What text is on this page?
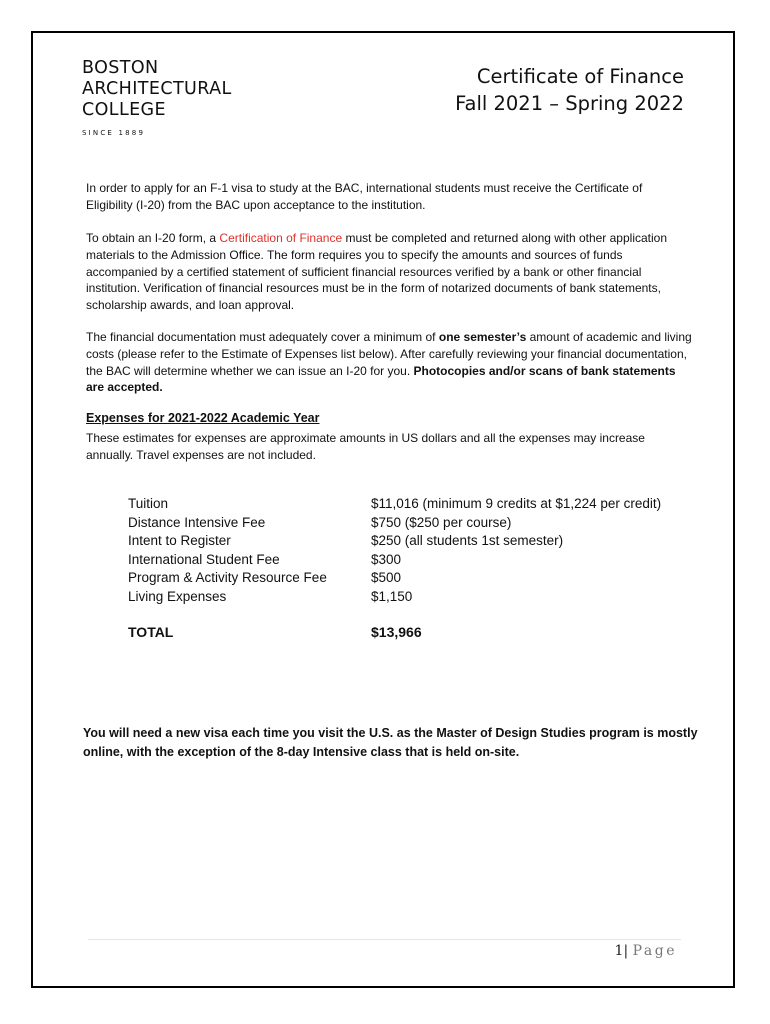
BOSTON
ARCHITECTURAL
COLLEGE
SINCE 1889
Certificate of Finance
Fall 2021 – Spring 2022
In order to apply for an F-1 visa to study at the BAC, international students must receive the Certificate of Eligibility (I-20) from the BAC upon acceptance to the institution.
To obtain an I-20 form, a Certification of Finance must be completed and returned along with other application materials to the Admission Office. The form requires you to specify the amounts and sources of funds accompanied by a certified statement of sufficient financial resources verified by a bank or other financial institution. Verification of financial resources must be in the form of notarized documents of bank statements, scholarship awards, and loan approval.
The financial documentation must adequately cover a minimum of one semester’s amount of academic and living costs (please refer to the Estimate of Expenses list below). After carefully reviewing your financial documentation, the BAC will determine whether we can issue an I-20 for you. Photocopies and/or scans of bank statements are accepted.
Expenses for 2021-2022 Academic Year
These estimates for expenses are approximate amounts in US dollars and all the expenses may increase annually. Travel expenses are not included.
Tuition	$11,016 (minimum 9 credits at $1,224 per credit)
Distance Intensive Fee	$750 ($250 per course)
Intent to Register	$250 (all students 1st semester)
International Student Fee	$300
Program & Activity Resource Fee	$500
Living Expenses	$1,150
TOTAL	$13,966
You will need a new visa each time you visit the U.S. as the Master of Design Studies program is mostly online, with the exception of the 8-day Intensive class that is held on-site.
1| Page
